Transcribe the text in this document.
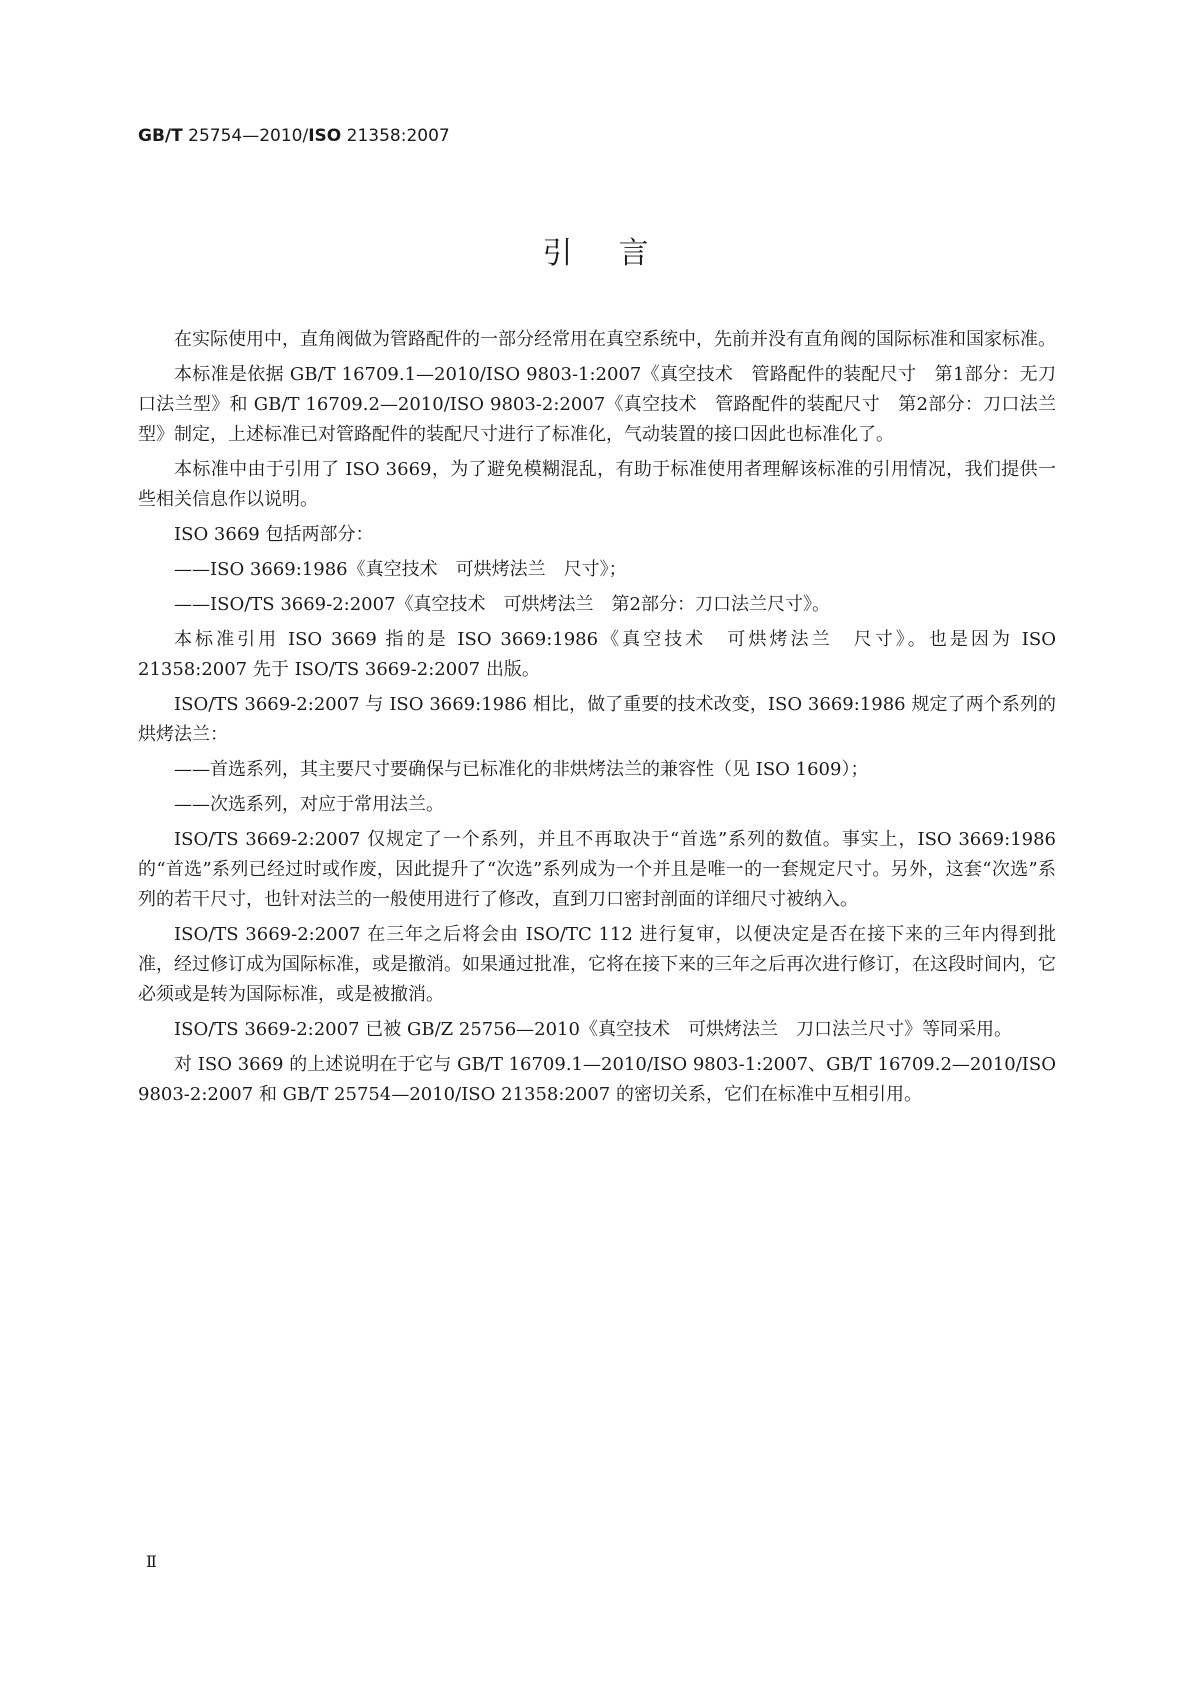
GB/T 25754—2010/ISO 21358:2007
引言

在实际使用中，直角阀做为管路配件的一部分经常用在真空系统中，先前并没有直角阀的国际标准和国家标准。

本标准是依据 GB/T 16709.1—2010/ISO 9803-1:2007《真空技术　管路配件的装配尺寸　第1部分：无刀口法兰型》和 GB/T 16709.2—2010/ISO 9803-2:2007《真空技术　管路配件的装配尺寸　第2部分：刀口法兰型》制定，上述标准已对管路配件的装配尺寸进行了标准化，气动装置的接口因此也标准化了。

本标准中由于引用了 ISO 3669，为了避免模糊混乱，有助于标准使用者理解该标准的引用情况，我们提供一些相关信息作以说明。

ISO 3669 包括两部分：

——ISO 3669:1986《真空技术　可烘烤法兰　尺寸》；

——ISO/TS 3669-2:2007《真空技术　可烘烤法兰　第2部分：刀口法兰尺寸》。

本标准引用 ISO 3669 指的是 ISO 3669:1986《真空技术　可烘烤法兰　尺寸》。也是因为 ISO 21358:2007 先于 ISO/TS 3669-2:2007 出版。

ISO/TS 3669-2:2007 与 ISO 3669:1986 相比，做了重要的技术改变，ISO 3669:1986 规定了两个系列的烘烤法兰：

——首选系列，其主要尺寸要确保与已标准化的非烘烤法兰的兼容性（见 ISO 1609）；

——次选系列，对应于常用法兰。

ISO/TS 3669-2:2007 仅规定了一个系列，并且不再取决于“首选”系列的数值。事实上，ISO 3669:1986 的“首选”系列已经过时或作废，因此提升了“次选”系列成为一个并且是唯一的一套规定尺寸。另外，这套“次选”系列的若干尺寸，也针对法兰的一般使用进行了修改，直到刀口密封剖面的详细尺寸被纳入。

ISO/TS 3669-2:2007 在三年之后将会由 ISO/TC 112 进行复审，以便决定是否在接下来的三年内得到批准，经过修订成为国际标准，或是撤消。如果通过批准，它将在接下来的三年之后再次进行修订，在这段时间内，它必须或是转为国际标准，或是被撤消。

ISO/TS 3669-2:2007 已被 GB/Z 25756—2010《真空技术　可烘烤法兰　刀口法兰尺寸》等同采用。

对 ISO 3669 的上述说明在于它与 GB/T 16709.1—2010/ISO 9803-1:2007、GB/T 16709.2—2010/ISO 9803-2:2007 和 GB/T 25754—2010/ISO 21358:2007 的密切关系，它们在标准中互相引用。

Ⅱ
